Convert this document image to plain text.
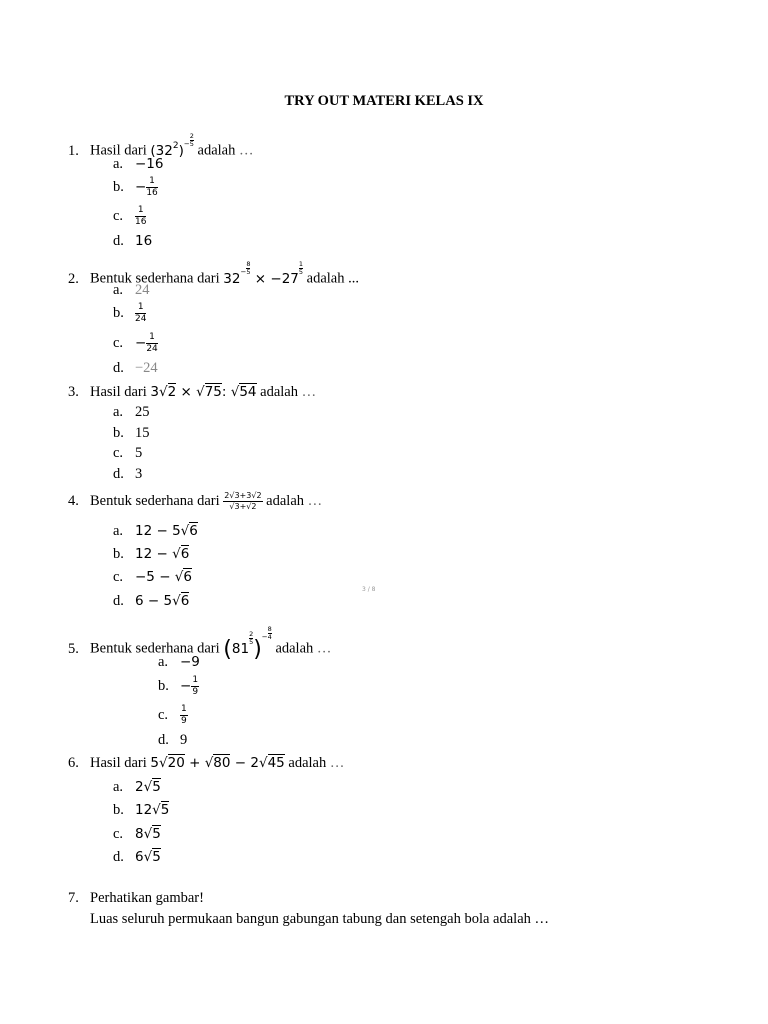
TRY OUT MATERI KELAS IX
1. Hasil dari $(32^2)- \frac{2}{5}$
adalah …
a. −16
b. − $\frac{1}{16}$
c. $\frac{1}{16}$
d. 16
2. Bentuk sederhana dari $32- \frac{8}{5}$
× −27
$\frac{1}{5}$
adalah ...
a. 24
b. $\frac{1}{24}$
c. − $\frac{1}{24}$
d. −24
3. Hasil dari 3√2 × √75: √54 adalah …
a. 25
b. 15
c. 5
d. 3
4. Bentuk sederhana dari $\frac{2√3+3√2}{√3+√2}$ adalah …
a. 12 − 5√6
b. 12 − √6
c. −5 − √6
d. 6 − 5√6
3 / 8
5. Bentuk sederhana dari (81
$\frac{2}{5}$ )− $\frac{8}{4}$
adalah …
a. −9
b. − $\frac{1}{9}$
c. $\frac{1}{9}$
d. 9
6. Hasil dari 5√20 + √80 − 2√45 adalah …
a. 2√5
b. 12√5
c. 8√5
d. 6√5
7. Perhatikan gambar!
Luas seluruh permukaan bangun gabungan tabung dan setengah bola adalah …
